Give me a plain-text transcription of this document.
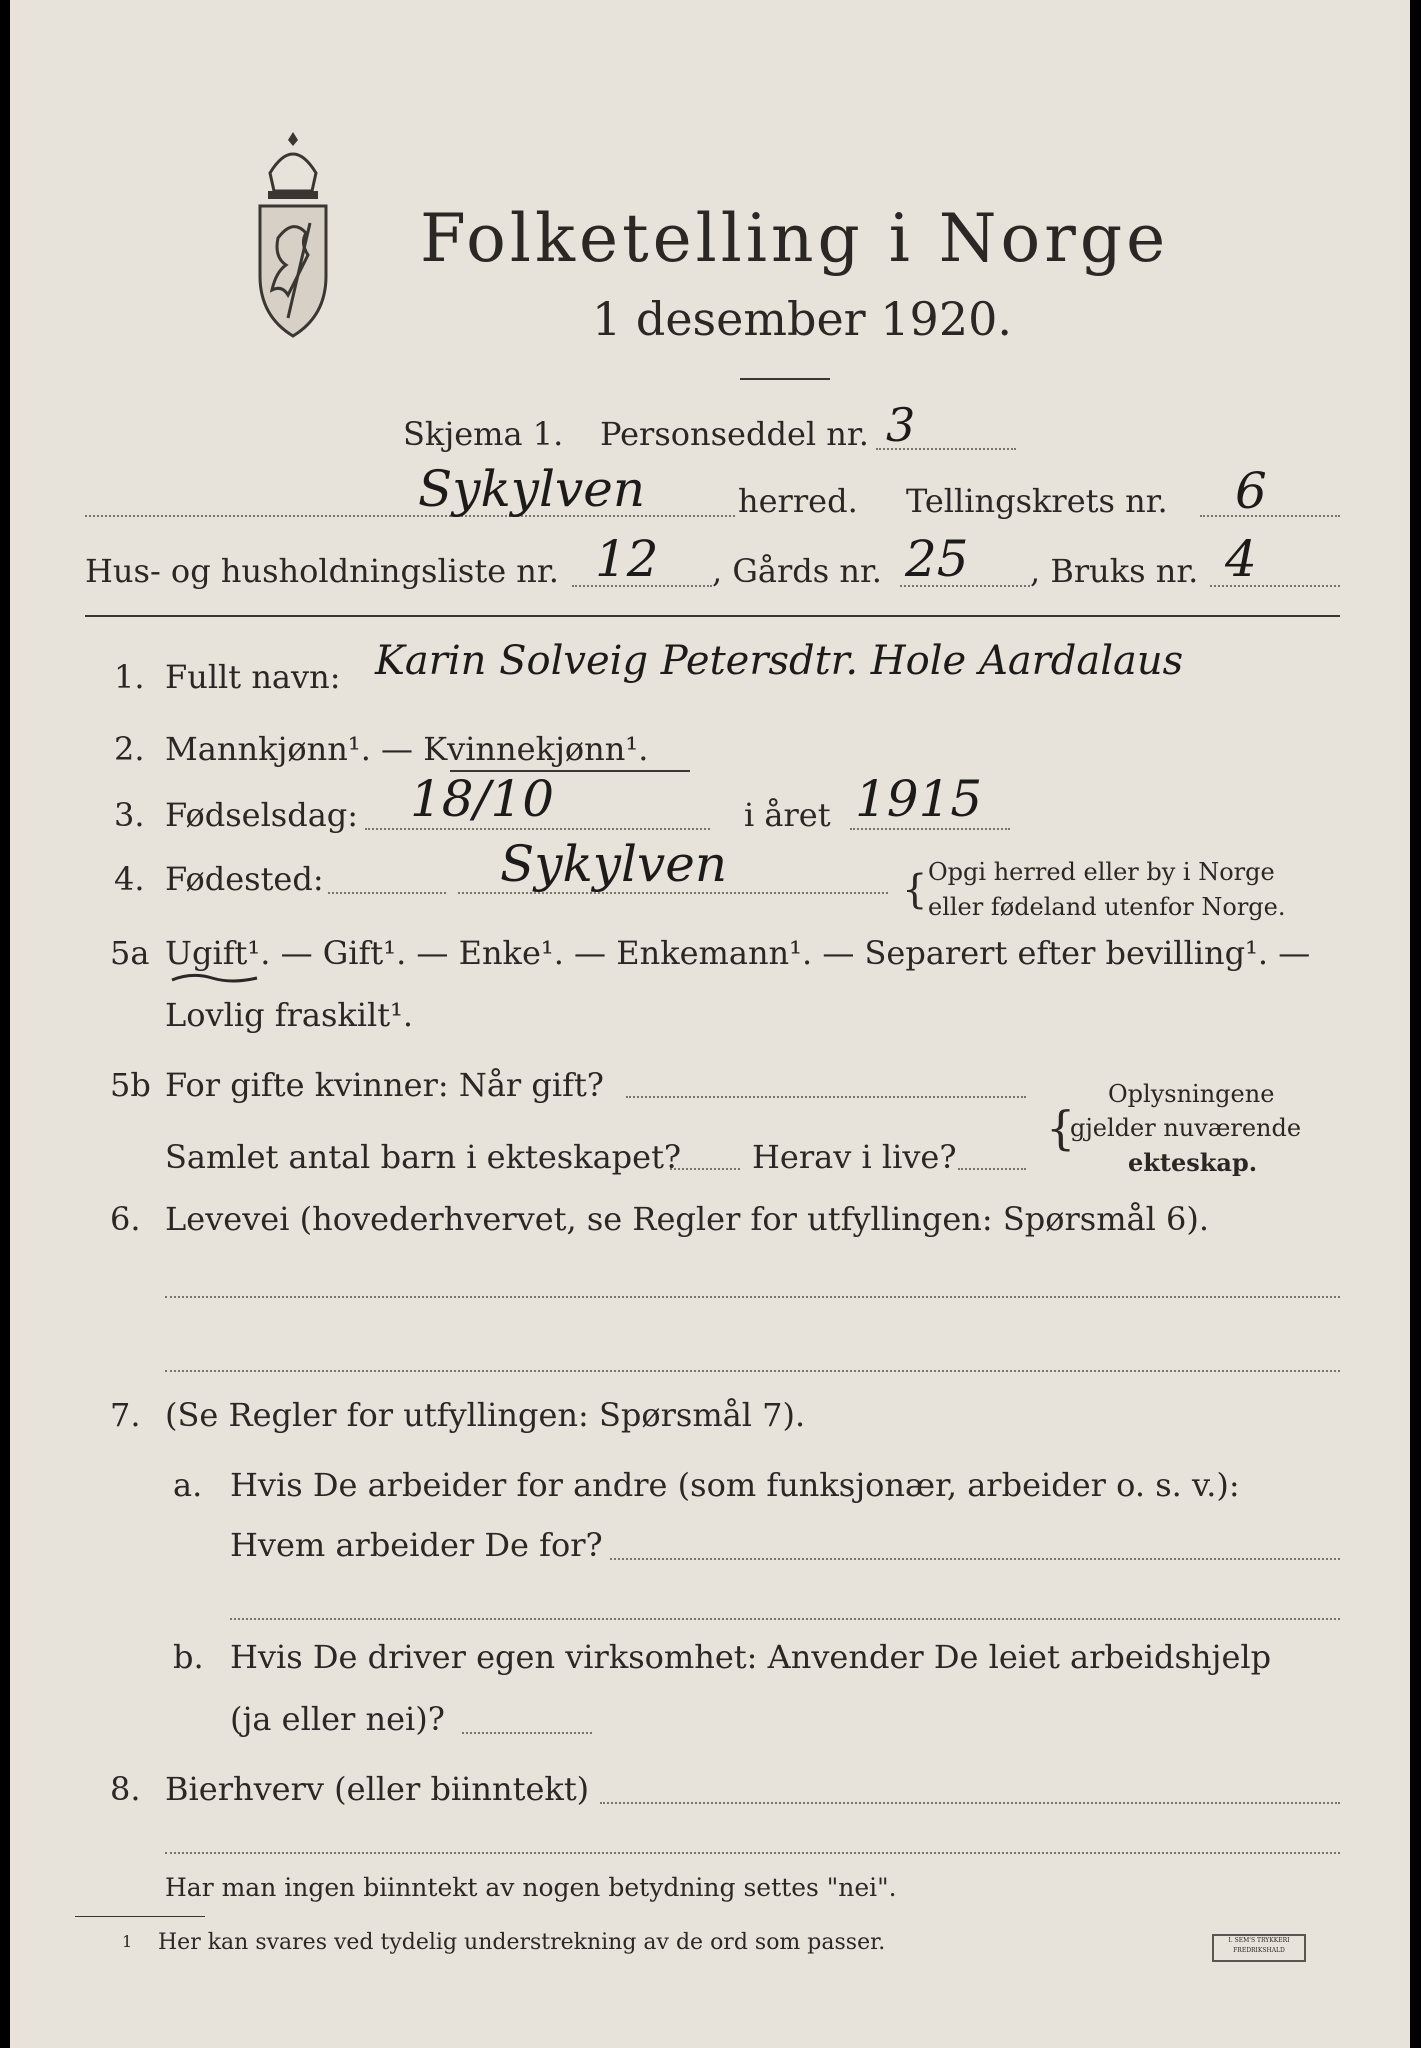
Folketelling i Norge
1 desember 1920.
Skjema 1. Personseddel nr. 3
Sykylven	herred. Tellingskrets nr. 6
Hus- og husholdningsliste nr. 12 , Gårds nr. 25 , Bruks nr. 4
1. Fullt navn: Karin Solveig Petersdtr. Hole Aardalaus
2. Mannkjønn¹. — Kvinnekjønn¹.
3. Fødselsdag: 18/10	i året 1915
4. Fødested:	Sykylven	{ Opgi herred eller by i Norge
eller fødeland utenfor Norge.
5a Ugift¹. — Gift¹. — Enke¹. — Enkemann¹. — Separert efter bevilling¹. —
Lovlig fraskilt¹.
5b For gifte kvinner: Når gift?
Samlet antal barn i ekteskapet? Herav i live?
{
Oplysningene
gjelder nuværende
ekteskap.
6. Levevei (hovederhvervet, se Regler for utfyllingen: Spørsmål 6).
7. (Se Regler for utfyllingen: Spørsmål 7).
a. Hvis De arbeider for andre (som funksjonær, arbeider o. s. v.):
Hvem arbeider De for?
b. Hvis De driver egen virksomhet: Anvender De leiet arbeidshjelp
(ja eller nei)?
8. Bierhverv (eller biinntekt)
Har man ingen biinntekt av nogen betydning settes "nei".
1 Her kan svares ved tydelig understrekning av de ord som passer.	I. SEM'S TRYKKERI FREDRIKSHALD
